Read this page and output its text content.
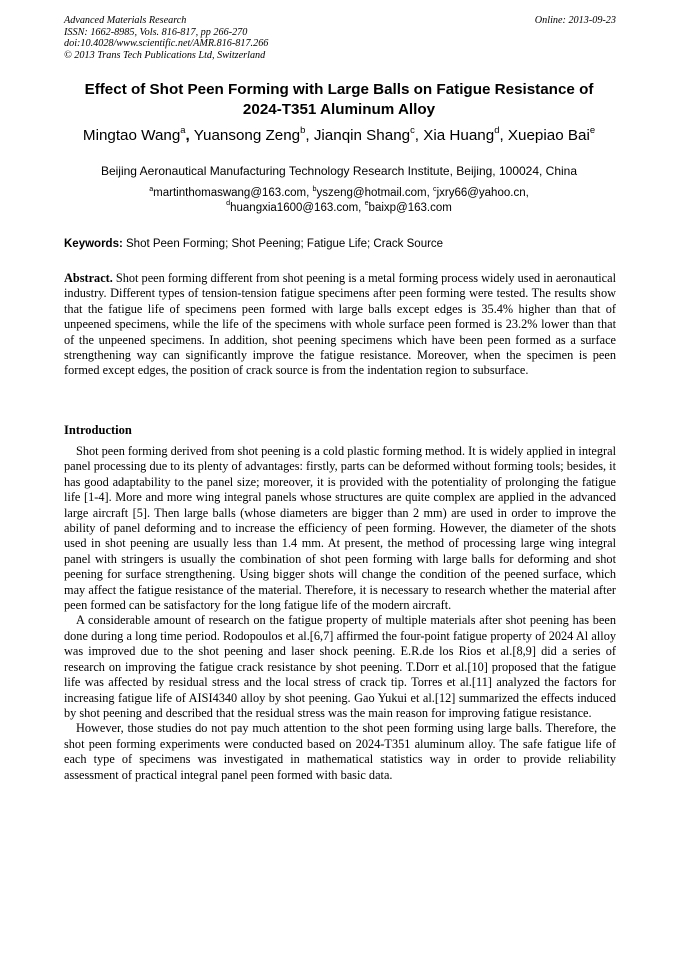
Advanced Materials Research
ISSN: 1662-8985, Vols. 816-817, pp 266-270
doi:10.4028/www.scientific.net/AMR.816-817.266
© 2013 Trans Tech Publications Ltd, Switzerland
Online: 2013-09-23
Effect of Shot Peen Forming with Large Balls on Fatigue Resistance of
2024-T351 Aluminum Alloy
Mingtao Wang$^a$, Yuansong Zeng$^b$, Jianqin Shang$^c$, Xia Huang$^d$, Xuepiao Bai$^e$
Beijing Aeronautical Manufacturing Technology Research Institute, Beijing, 100024, China
$^a$martinthomaswang@163.com, $^b$yszeng@hotmail.com, $^c$jxry66@yahoo.cn,
$^d$huangxia1600@163.com, $^e$baixp@163.com
Keywords: Shot Peen Forming; Shot Peening; Fatigue Life; Crack Source
Abstract. Shot peen forming different from shot peening is a metal forming process widely used in aeronautical industry. Different types of tension-tension fatigue specimens after peen forming were tested. The results show that the fatigue life of specimens peen formed with large balls except edges is 35.4% higher than that of unpeened specimens, while the life of the specimens with whole surface peen formed is 23.2% lower than that of the unpeened specimens. In addition, shot peening specimens which have been peen formed as a surface strengthening way can significantly improve the fatigue resistance. Moreover, when the specimen is peen formed except edges, the position of crack source is from the indentation region to subsurface.
Introduction

Shot peen forming derived from shot peening is a cold plastic forming method. It is widely applied in integral panel processing due to its plenty of advantages: firstly, parts can be deformed without forming tools; besides, it has good adaptability to the panel size; moreover, it is provided with the potentiality of prolonging the fatigue life [1-4]. More and more wing integral panels whose structures are quite complex are applied in the advanced large aircraft [5]. Then large balls (whose diameters are bigger than 2 mm) are used in order to improve the ability of panel deforming and to increase the efficiency of peen forming. However, the diameter of the shots used in shot peening are usually less than 1.4 mm. At present, the method of processing large wing integral panel with stringers is usually the combination of shot peen forming with large balls for deforming and shot peening for surface strengthening. Using bigger shots will change the condition of the peened surface, which may affect the fatigue resistance of the material. Therefore, it is necessary to research whether the material after peen formed can be satisfactory for the long fatigue life of the modern aircraft.

A considerable amount of research on the fatigue property of multiple materials after shot peening has been done during a long time period. Rodopoulos et al.[6,7] affirmed the four-point fatigue property of 2024 Al alloy was improved due to the shot peening and laser shock peening. E.R.de los Rios et al.[8,9] did a series of research on improving the fatigue crack resistance by shot peening. T.Dorr et al.[10] proposed that the fatigue life was affected by residual stress and the local stress of crack tip. Torres et al.[11] analyzed the factors for increasing fatigue life of AISI4340 alloy by shot peening. Gao Yukui et al.[12] summarized the effects induced by shot peening and described that the residual stress was the main reason for improving fatigue resistance.

However, those studies do not pay much attention to the shot peen forming using large balls. Therefore, the shot peen forming experiments were conducted based on 2024-T351 aluminum alloy. The safe fatigue life of each type of specimens was investigated in mathematical statistics way in order to provide reliability assessment of practical integral panel peen formed with basic data.
